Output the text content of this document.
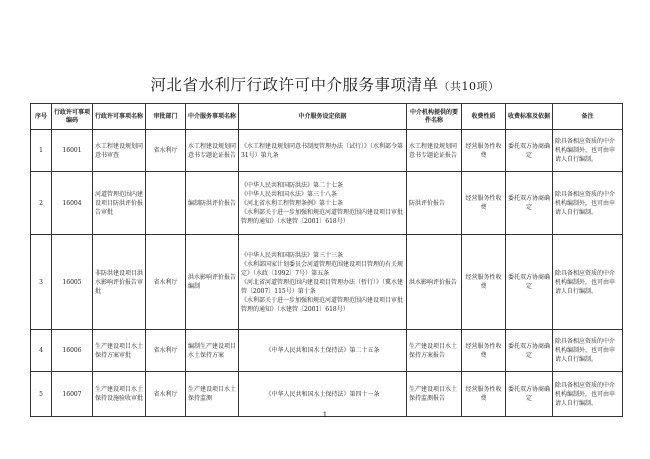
河北省水利厅行政许可中介服务事项清单（共10项）
序号	行政许可事项编码	行政许可事项名称	审批部门	中介服务事项名称	中介服务设定依据	中介机构提供的要件名称	收费性质	收费标准及依据	备注
1	16001	水工程建设规划同意书审查	省水利厅	水工程建设规划同意书专题论证报告	《水工程建设规划同意书制度管理办法（试行）》（水利部令第31号）第九条	水工程建设规划同意书专题论证报告	经营服务性收费	委托双方协商确定	除具备相应资质的中介机构编制外，也可由申请人自行编制。
2	16004	河道管理范围内建设项目防洪评价报告审批		编制防洪评价报告	《中华人民共和国防洪法》第二十七条

《中华人民共和国水法》第三十八条

《河北省水利工程管理条例》第十七条

《水利部关于进一步加强和规范河道管理范围内建设项目审批管理的通知》（水建管〔2001〕618号）	防洪评价报告	经营服务性收费	委托双方协商确定	除具备相应资质的中介机构编制外，也可由申请人自行编制。
3	16005	非防洪建设项目洪水影响评价报告审批	省水利厅	洪水影响评价报告编制	《中华人民共和国防洪法》第三十三条

《水利部国家计划委员会河道管理范围建设项目管理的有关规定》（水政〔1992〕7号）第五条

《河北省河道管理范围内建设项目管理办法（暂行）》（冀水建管〔2007〕115号）第十条

《水利部关于进一步加强和规范河道管理范围内建设项目审批管理的通知》（水建管〔2001〕618号）	洪水影响评价报告	经营服务性收费	委托双方协商确定	除具备相应资质的中介机构编制外，也可由申请人自行编制。
4	16006	生产建设项目水土保持方案审批	省水利厅	编制生产建设项目水土保持方案	《中华人民共和国水土保持法》第二十五条	生产建设项目水土保持方案报告	经营服务性收费	委托双方协商确定	除具备相应资质的中介机构编制外，也可由申请人自行编制。
5	16007	生产建设项目水土保持设施验收审批	省水利厅	生产建设项目水土保持监测	《中华人民共和国水土保持法》第四十一条	生产建设项目水土保持监测报告	经营服务性收费	委托双方协商确定	除具备相应资质的中介机构编制外，也可由申请人自行编制。
1
